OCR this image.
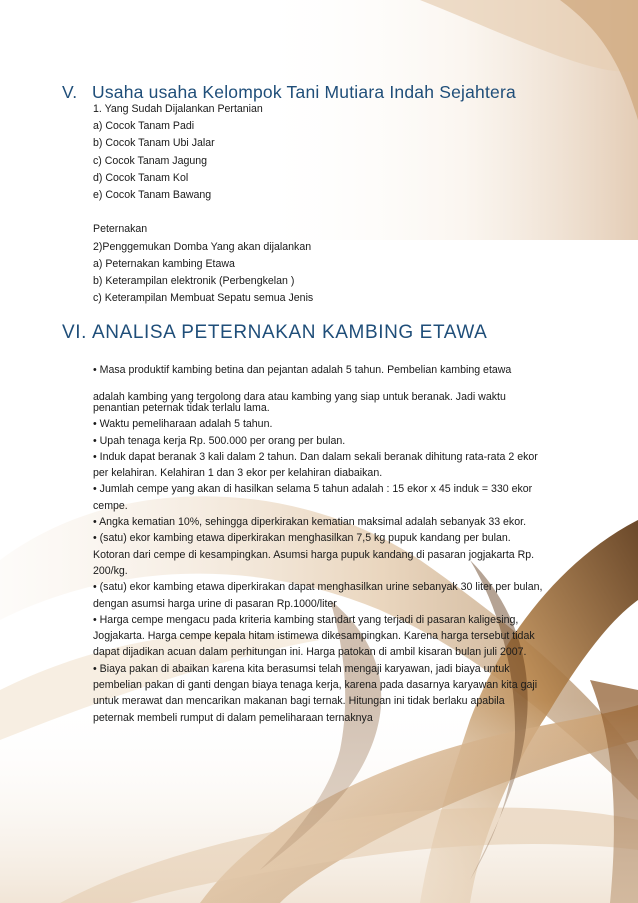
V. Usaha usaha Kelompok Tani Mutiara Indah Sejahtera
1. Yang Sudah Dijalankan Pertanian
a) Cocok Tanam Padi
b) Cocok Tanam Ubi Jalar
c) Cocok Tanam Jagung
d) Cocok Tanam Kol
e) Cocok Tanam Bawang
Peternakan
2)Penggemukan Domba Yang akan dijalankan
a) Peternakan kambing Etawa
b) Keterampilan elektronik (Perbengkelan )
c) Keterampilan Membuat Sepatu semua Jenis
VI. ANALISA PETERNAKAN KAMBING ETAWA
• Masa produktif kambing betina dan pejantan adalah 5 tahun. Pembelian kambing etawa
adalah kambing yang tergolong dara atau kambing yang siap untuk beranak. Jadi waktu
penantian peternak tidak terlalu lama.
• Waktu pemeliharaan adalah 5 tahun.
• Upah tenaga kerja Rp. 500.000 per orang per bulan.
• Induk dapat beranak 3 kali dalam 2 tahun. Dan dalam sekali beranak dihitung rata-rata 2 ekor
per kelahiran. Kelahiran 1 dan 3 ekor per kelahiran diabaikan.
• Jumlah cempe yang akan di hasilkan selama 5 tahun adalah : 15 ekor x 45 induk = 330 ekor
cempe.
• Angka kematian 10%, sehingga diperkirakan kematian maksimal adalah sebanyak 33 ekor.
• (satu) ekor kambing etawa diperkirakan menghasilkan 7,5 kg pupuk kandang per bulan.
Kotoran dari cempe di kesampingkan. Asumsi harga pupuk kandang di pasaran jogjakarta Rp.
200/kg.
• (satu) ekor kambing etawa diperkirakan dapat menghasilkan urine sebanyak 30 liter per bulan,
dengan asumsi harga urine di pasaran Rp.1000/liter
• Harga cempe mengacu pada kriteria kambing standart yang terjadi di pasaran kaligesing,
Jogjakarta. Harga cempe kepala hitam istimewa dikesampingkan. Karena harga tersebut tidak
dapat dijadikan acuan dalam perhitungan ini. Harga patokan di ambil kisaran bulan juli 2007.
• Biaya pakan di abaikan karena kita berasumsi telah mengaji karyawan, jadi biaya untuk
pembelian pakan di ganti dengan biaya tenaga kerja, karena pada dasarnya karyawan kita gaji
untuk merawat dan mencarikan makanan bagi ternak. Hitungan ini tidak berlaku apabila
peternak membeli rumput di dalam pemeliharaan ternaknya
